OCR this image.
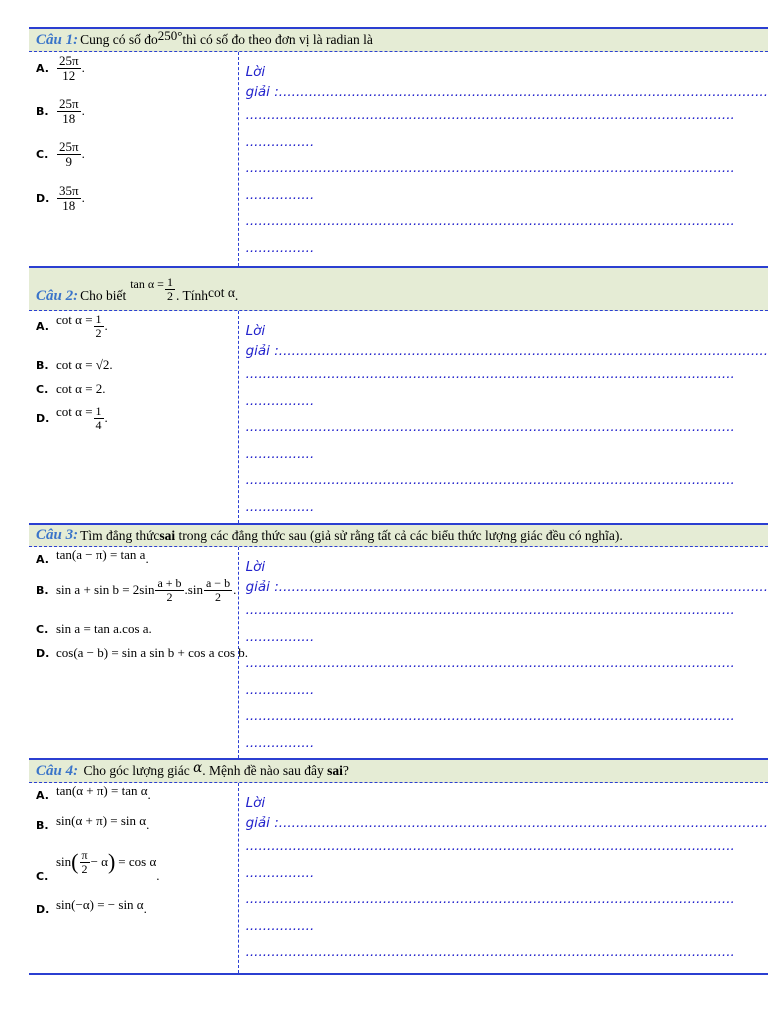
Câu 1: Cung có số đo 250° thì có số đo theo đơn vị là radian là
A. $\frac{25\pi}{12}$ .
B. $\frac{25\pi}{18}$ .
C. $\frac{25\pi}{9}$ .
D. $\frac{35\pi}{18}$ .
Lời
giải :..................................................................................................................
..................................................................................................................
................
..................................................................................................................
................
..................................................................................................................
................
Câu 2: Cho biết
$\tan \alpha = \frac{1}{2}$ . Tính cot α .
A. $\cot \alpha = \frac{1}{2}$ .
B. cot α = √2 .
C. cot α = 2 .
D. $\cot \alpha = \frac{1}{4}$ .
Lời
giải :..................................................................................................................
..................................................................................................................
................
..................................................................................................................
................
..................................................................................................................
................
Câu 3: Tìm đẳng thức sai trong các đẳng thức sau (giả sử rằng tất cả các biểu thức lượng giác đều có nghĩa).
A. tan(a − π) = tan a .
B. $\sin a + \sin b = 2\sin \frac{a + b}{2} .\sin \frac{a - b}{2}$ .
C. sin a = tan a.cos a .
D. cos(a − b) = sin a sin b + cos a cos b .
Lời
giải :..................................................................................................................
..................................................................................................................
................
..................................................................................................................
................
..................................................................................................................
................
Câu 4: Cho góc lượng giác α . Mệnh đề nào sau đây sai ?
A. tan(α + π) = tan α .
B. sin(α + π) = sin α .
C.
sin ( $\frac{\pi}{2} - \alpha$ ) = cos α
.
D. sin(−α) = − sin α .
Lời
giải :..................................................................................................................
..................................................................................................................
................
..................................................................................................................
................
..................................................................................................................
